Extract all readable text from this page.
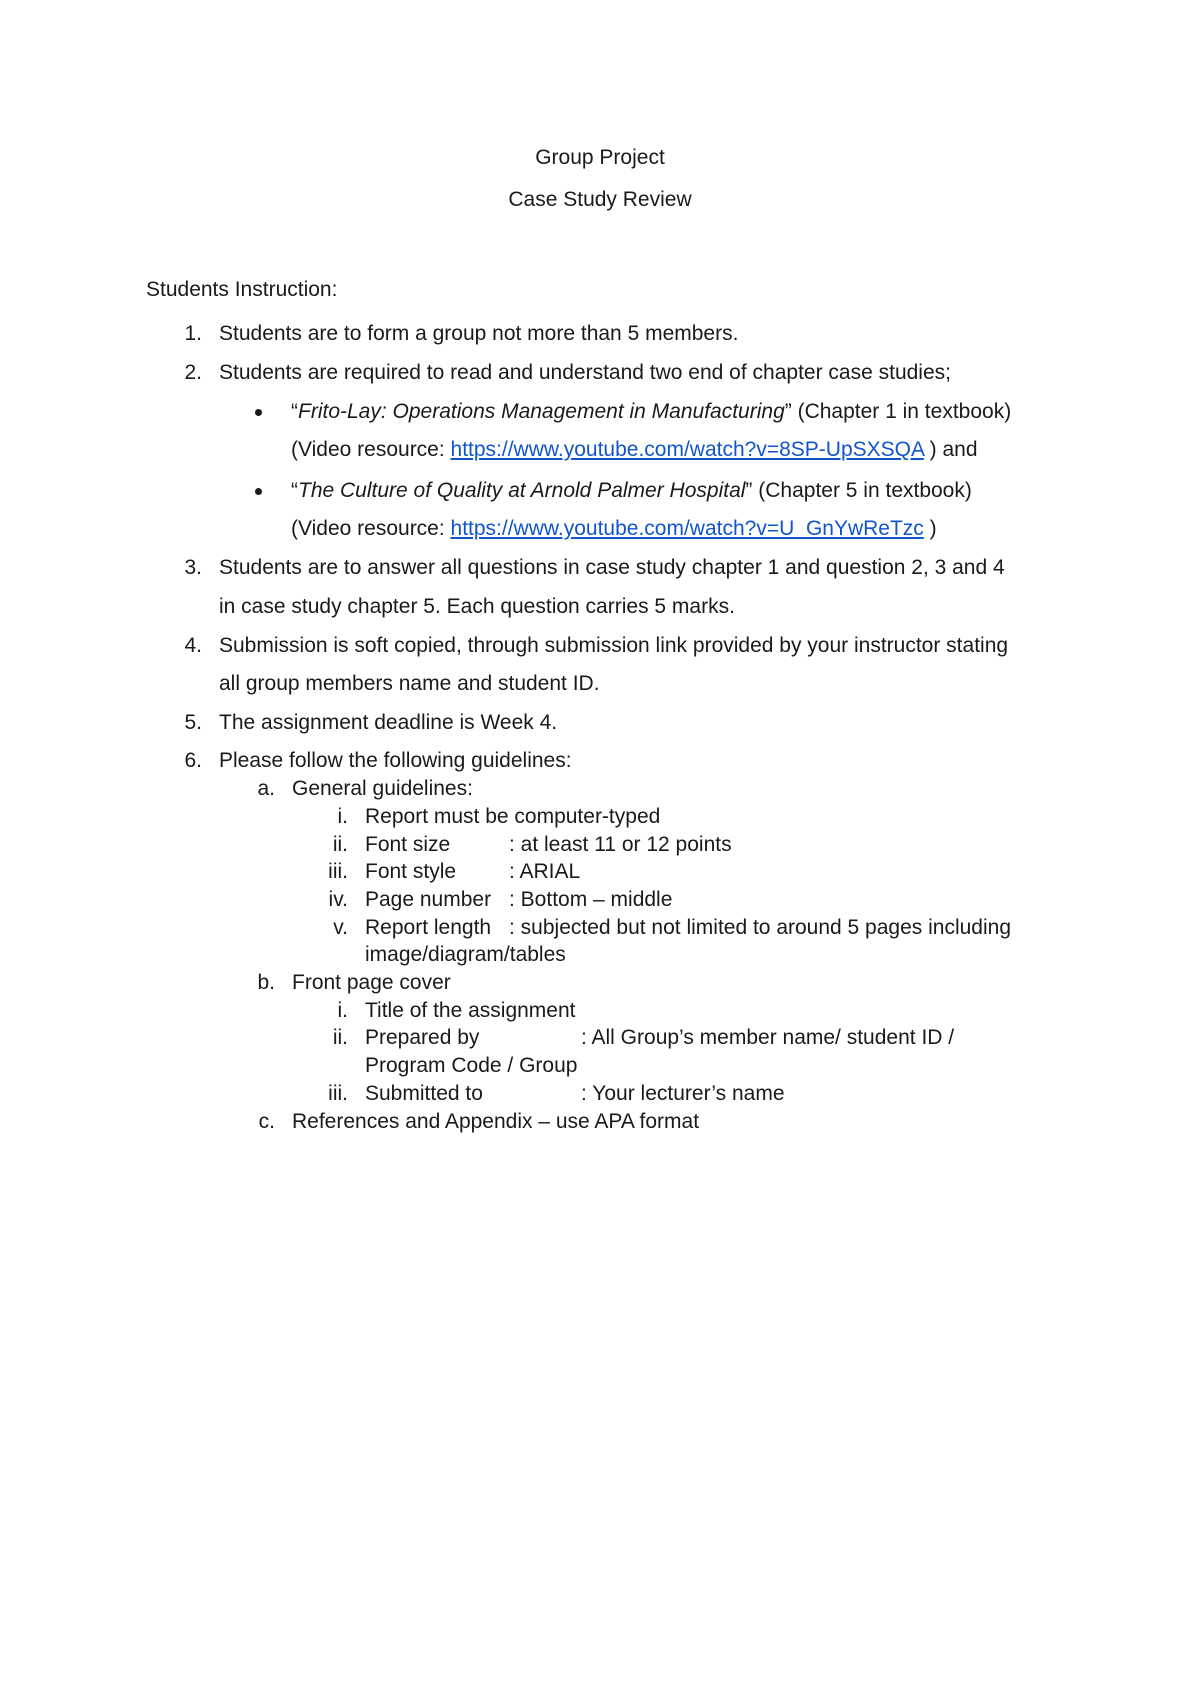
Group Project
Case Study Review
Students Instruction:
1. Students are to form a group not more than 5 members.
2. Students are required to read and understand two end of chapter case studies;
“Frito-Lay: Operations Management in Manufacturing” (Chapter 1 in textbook)
(Video resource: https://www.youtube.com/watch?v=8SP-UpSXSQA ) and
“The Culture of Quality at Arnold Palmer Hospital” (Chapter 5 in textbook)
(Video resource: https://www.youtube.com/watch?v=U_GnYwReTzc )
3. Students are to answer all questions in case study chapter 1 and question 2, 3 and 4
in case study chapter 5. Each question carries 5 marks.
4. Submission is soft copied, through submission link provided by your instructor stating
all group members name and student ID.
5. The assignment deadline is Week 4.
6. Please follow the following guidelines:
a. General guidelines:
i. Report must be computer-typed
ii. Font size	: at least 11 or 12 points
iii. Font style	: ARIAL
iv. Page number : Bottom – middle
v. Report length : subjected but not limited to around 5 pages including
image/diagram/tables
b. Front page cover
i. Title of the assignment
ii. Prepared by	: All Group’s member name/ student ID /
Program Code / Group
iii. Submitted to	: Your lecturer’s name
c. References and Appendix – use APA format
